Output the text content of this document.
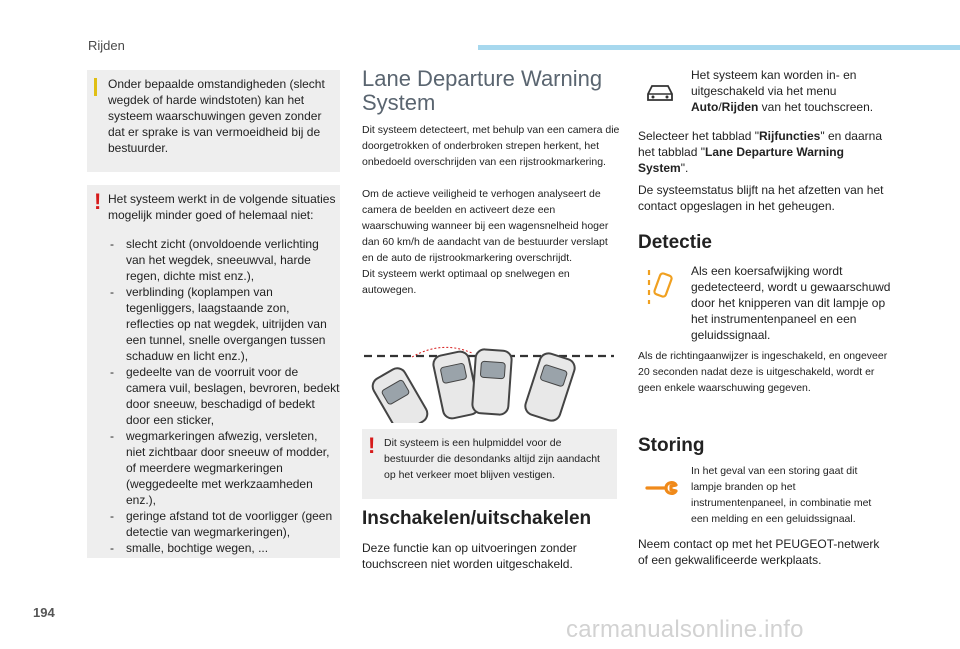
Rijden

Onder bepaalde omstandigheden (slecht wegdek of harde windstoten) kan het systeem waarschuwingen geven zonder dat er sprake is van vermoeidheid bij de bestuurder.

! Het systeem werkt in de volgende situaties mogelijk minder goed of helemaal niet:

- slecht zicht (onvoldoende verlichting van het wegdek, sneeuwval, harde regen, dichte mist enz.),
- verblinding (koplampen van tegenliggers, laagstaande zon, reflecties op nat wegdek, uitrijden van een tunnel, snelle overgangen tussen schaduw en licht enz.),
- gedeelte van de voorruit voor de camera vuil, beslagen, bevroren, bedekt door sneeuw, beschadigd of bedekt door een sticker,
- wegmarkeringen afwezig, versleten, niet zichtbaar door sneeuw of modder, of meerdere wegmarkeringen (weggedeelte met werkzaamheden enz.),
- geringe afstand tot de voorligger (geen detectie van wegmarkeringen),
- smalle, bochtige wegen, ...
Lane Departure Warning System

Dit systeem detecteert, met behulp van een camera die doorgetrokken of onderbroken strepen herkent, het onbedoeld overschrijden van een rijstrookmarkering.

Om de actieve veiligheid te verhogen analyseert de camera de beelden en activeert deze een waarschuwing wanneer bij een wagensnelheid hoger dan 60 km/h de aandacht van de bestuurder verslapt en de auto de rijstrookmarkering overschrijdt.

Dit systeem werkt optimaal op snelwegen en autowegen.

! Dit systeem is een hulpmiddel voor de bestuurder die desondanks altijd zijn aandacht op het verkeer moet blijven vestigen.

Inschakelen/uitschakelen

Deze functie kan op uitvoeringen zonder touchscreen niet worden uitgeschakeld.

Het systeem kan worden in- en uitgeschakeld via het menu Auto/Rijden van het touchscreen.

Selecteer het tabblad "Rijfuncties" en daarna het tabblad "Lane Departure Warning System".

De systeemstatus blijft na het afzetten van het contact opgeslagen in het geheugen.

Detectie

Als een koersafwijking wordt gedetecteerd, wordt u gewaarschuwd door het knipperen van dit lampje op het instrumentenpaneel en een geluidssignaal.

Als de richtingaanwijzer is ingeschakeld, en ongeveer 20 seconden nadat deze is uitgeschakeld, wordt er geen enkele waarschuwing gegeven.

Storing

In het geval van een storing gaat dit lampje branden op het instrumentenpaneel, in combinatie met een melding en een geluidssignaal.

Neem contact op met het PEUGEOT-netwerk of een gekwalificeerde werkplaats.

194
carmanualsonline.info
